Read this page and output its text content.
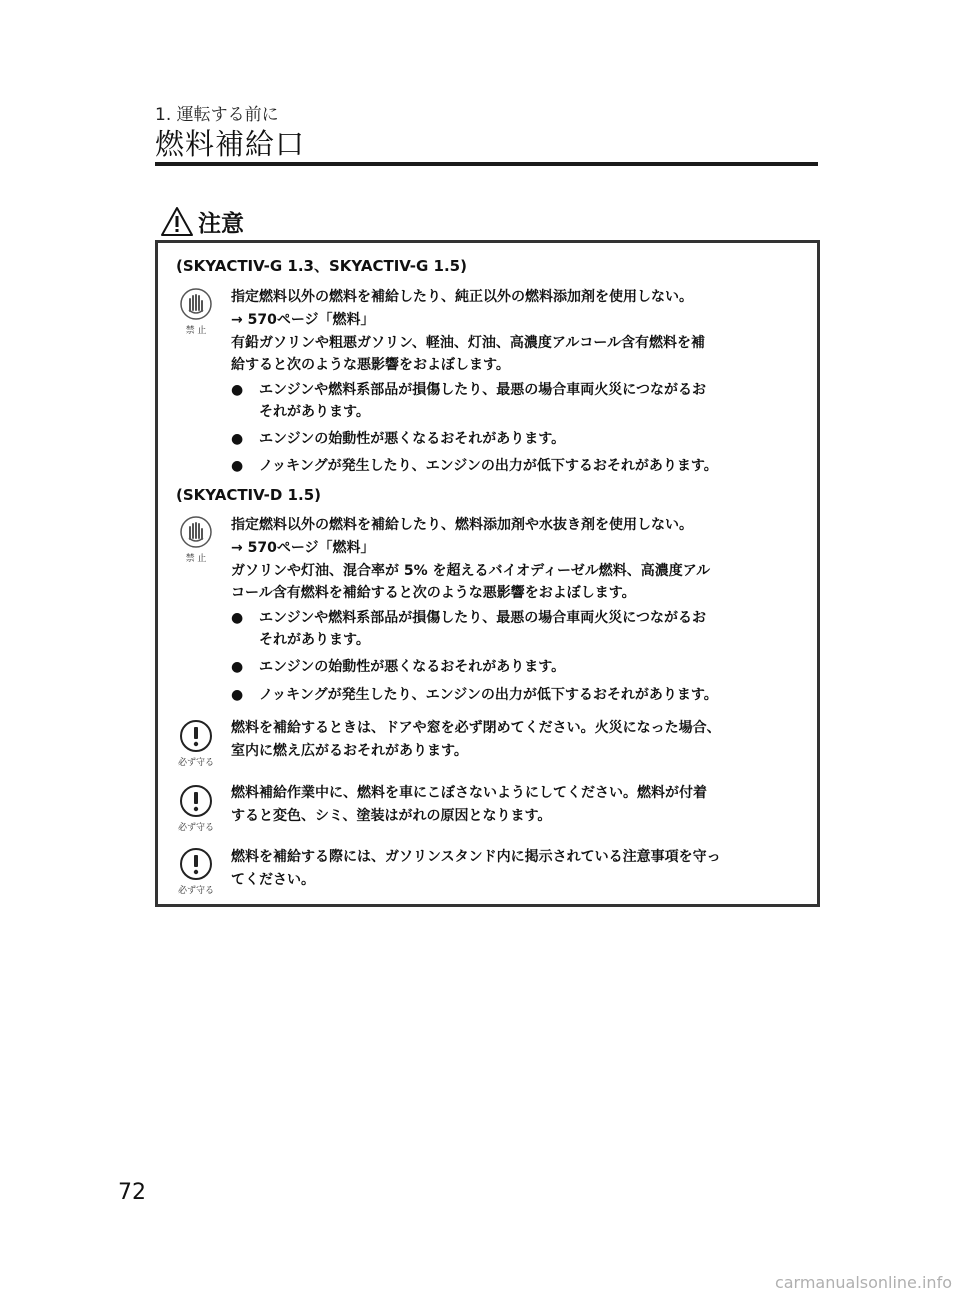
1. 運転する前に
燃料補給口
注意
(SKYACTIV-G 1.3、SKYACTIV-G 1.5)
禁 止
指定燃料以外の燃料を補給したり、純正以外の燃料添加剤を使用しない。
→ 570ページ「燃料」
有鉛ガソリンや粗悪ガソリン、軽油、灯油、高濃度アルコール含有燃料を補
給すると次のような悪影響をおよぼします。
● エンジンや燃料系部品が損傷したり、最悪の場合車両火災につながるお
それがあります。
● エンジンの始動性が悪くなるおそれがあります。
● ノッキングが発生したり、エンジンの出力が低下するおそれがあります。
(SKYACTIV-D 1.5)
禁 止
指定燃料以外の燃料を補給したり、燃料添加剤や水抜き剤を使用しない。
→ 570ページ「燃料」
ガソリンや灯油、混合率が 5% を超えるバイオディーゼル燃料、高濃度アル
コール含有燃料を補給すると次のような悪影響をおよぼします。
● エンジンや燃料系部品が損傷したり、最悪の場合車両火災につながるお
それがあります。
● エンジンの始動性が悪くなるおそれがあります。
● ノッキングが発生したり、エンジンの出力が低下するおそれがあります。
必ず守る
燃料を補給するときは、ドアや窓を必ず閉めてください。火災になった場合、
室内に燃え広がるおそれがあります。
必ず守る
燃料補給作業中に、燃料を車にこぼさないようにしてください。燃料が付着
すると変色、シミ、塗装はがれの原因となります。
必ず守る
燃料を補給する際には、ガソリンスタンド内に掲示されている注意事項を守っ
てください。
72
carmanualsonline.info
